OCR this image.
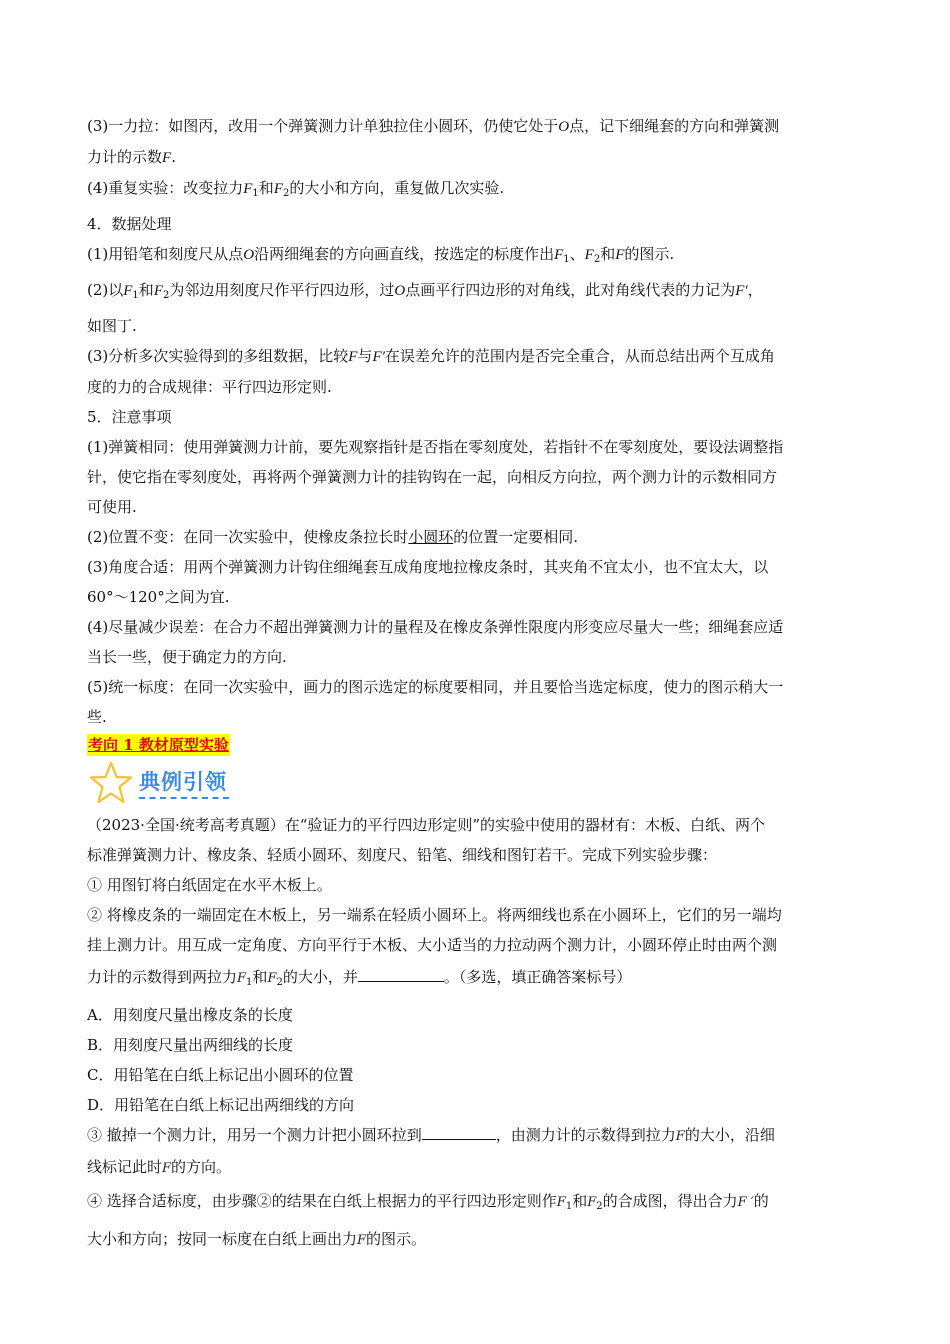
(3)一力拉：如图丙，改用一个弹簧测力计单独拉住小圆环，仍使它处于O点，记下细绳套的方向和弹簧测

力计的示数F.

(4)重复实验：改变拉力$F_1$和$F_2$的大小和方向，重复做几次实验.

4．数据处理

(1)用铅笔和刻度尺从点O沿两细绳套的方向画直线，按选定的标度作出$F_1$、$F_2$和F的图示.

(2)以$F_1$和$F_2$为邻边用刻度尺作平行四边形，过O点画平行四边形的对角线，此对角线代表的力记为F′，

如图丁.

(3)分析多次实验得到的多组数据，比较F与F′在误差允许的范围内是否完全重合，从而总结出两个互成角

度的力的合成规律：平行四边形定则.

5．注意事项

(1)弹簧相同：使用弹簧测力计前，要先观察指针是否指在零刻度处，若指针不在零刻度处，要设法调整指

针，使它指在零刻度处，再将两个弹簧测力计的挂钩钩在一起，向相反方向拉，两个测力计的示数相同方

可使用.

(2)位置不变：在同一次实验中，使橡皮条拉长时小圆环的位置一定要相同.

(3)角度合适：用两个弹簧测力计钩住细绳套互成角度地拉橡皮条时，其夹角不宜太小，也不宜太大，以

60°～120°之间为宜.

(4)尽量减少误差：在合力不超出弹簧测力计的量程及在橡皮条弹性限度内形变应尽量大一些；细绳套应适

当长一些，便于确定力的方向.

(5)统一标度：在同一次实验中，画力的图示选定的标度要相同，并且要恰当选定标度，使力的图示稍大一

些.

考向 1 教材原型实验
典例引领

（2023·全国·统考高考真题）在“验证力的平行四边形定则”的实验中使用的器材有：木板、白纸、两个

标准弹簧测力计、橡皮条、轻质小圆环、刻度尺、铅笔、细线和图钉若干。完成下列实验步骤：

① 用图钉将白纸固定在水平木板上。

② 将橡皮条的一端固定在木板上，另一端系在轻质小圆环上。将两细线也系在小圆环上，它们的另一端均

挂上测力计。用互成一定角度、方向平行于木板、大小适当的力拉动两个测力计，小圆环停止时由两个测

力计的示数得到两拉力$F_1$和$F_2$的大小，并	。（多选，填正确答案标号）

A．用刻度尺量出橡皮条的长度

B．用刻度尺量出两细线的长度

C．用铅笔在白纸上标记出小圆环的位置

D．用铅笔在白纸上标记出两细线的方向

③ 撤掉一个测力计，用另一个测力计把小圆环拉到	，由测力计的示数得到拉力F的大小，沿细

线标记此时F的方向。

④ 选择合适标度，由步骤②的结果在白纸上根据力的平行四边形定则作$F_1$和$F_2$的合成图，得出合力F ′的

大小和方向；按同一标度在白纸上画出力F的图示。
